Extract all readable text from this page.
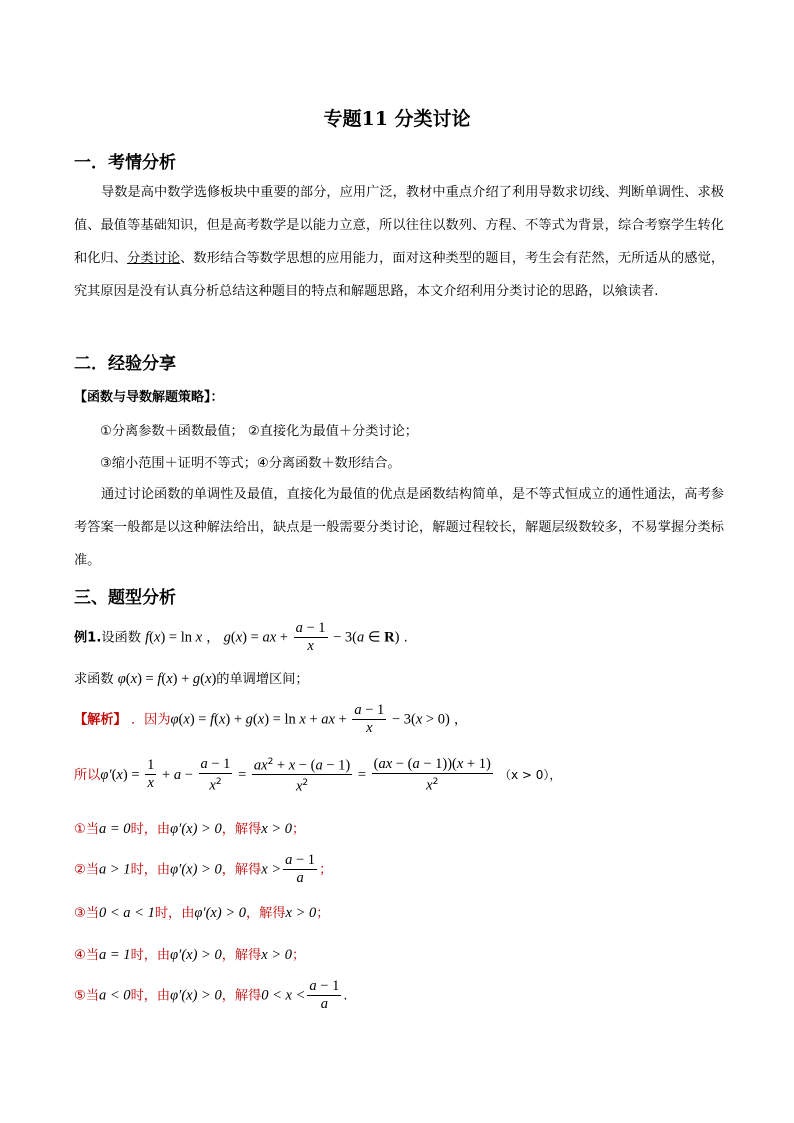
专题11 分类讨论
一．考情分析
导数是高中数学选修板块中重要的部分，应用广泛，教材中重点介绍了利用导数求切线、判断单调性、求极值、最值等基础知识，但是高考数学是以能力立意，所以往往以数列、方程、不等式为背景，综合考察学生转化和化归、分类讨论、数形结合等数学思想的应用能力，面对这种类型的题目，考生会有茫然，无所适从的感觉，究其原因是没有认真分析总结这种题目的特点和解题思路，本文介绍利用分类讨论的思路，以飨读者.
二．经验分享
【函数与导数解题策略】：
①分离参数＋函数最值； ②直接化为最值＋分类讨论；
③缩小范围＋证明不等式；④分离函数＋数形结合。
通过讨论函数的单调性及最值，直接化为最值的优点是函数结构简单，是不等式恒成立的通性通法，高考参考答案一般都是以这种解法给出，缺点是一般需要分类讨论，解题过程较长，解题层级数较多，不易掌握分类标准。
三、题型分析
例1.设函数 f(x) = ln x ， g(x) = ax + $\frac{a - 1}{x} - 3(a$ ∈ R) .
求函数 φ(x) = f(x) + g(x)的单调增区间；
【解析】 ．因为φ(x) = f(x) + g(x) = ln x + ax + $\frac{a - 1}{x} - 3(x > 0)$ ，
所以$\varphi'(x) = \frac{1}{x} + a - \frac{a - 1}{x^2} = \frac{ax^2 + x - (a - 1)}{x^2} = \frac{(ax - (a - 1))(x + 1)}{x^2} (x > 0)$，
①当a = 0时，由φ′(x) > 0，解得x > 0；
②当a > 1时，由φ′(x) > 0，解得$x > \frac{a - 1}{a}$ ；
③当0 < a < 1时，由φ′(x) > 0，解得x > 0；
④当a = 1时，由φ′(x) > 0，解得x > 0；
⑤当a < 0时，由φ′(x) > 0，解得$0 < x < \frac{a - 1}{a}$ .
